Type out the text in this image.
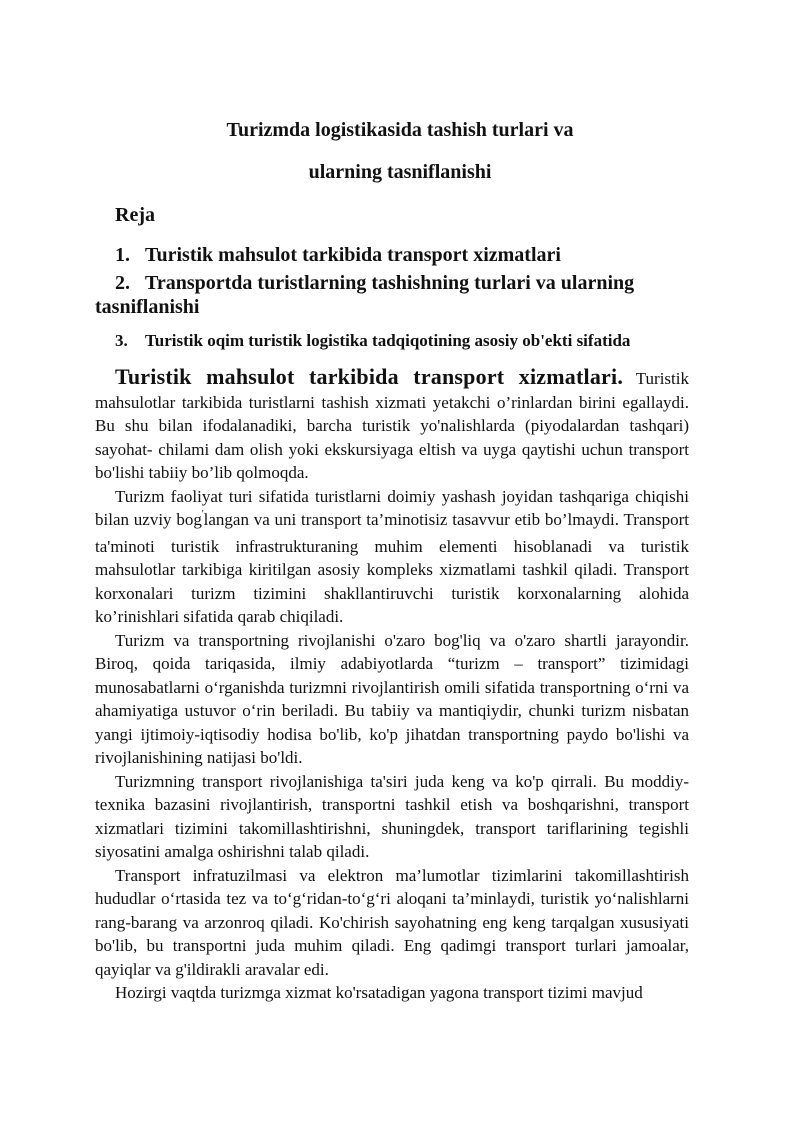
Turizmda logistikasida tashish turlari va
ularning tasniflanishi
Reja
1. Turistik mahsulot tarkibida transport xizmatlari
2. Transportda turistlarning tashishning turlari va ularning tasniflanishi
3. Turistik oqim turistik logistika tadqiqotining asosiy ob'ekti sifatida

Turistik mahsulot tarkibida transport xizmatlari. Turistik mahsulotlar tarkibida turistlarni tashish xizmati yetakchi o’rinlardan birini egallaydi. Bu shu bilan ifodalanadiki, barcha turistik yo'nalishlarda (piyodalardan tashqari) sayohat- chilami dam olish yoki ekskursiyaga eltish va uyga qaytishi uchun transport bo'lishi tabiiy bo’lib qolmoqda.

Turizm faoliyat turi sifatida turistlarni doimiy yashash joyidan tashqariga chiqishi bilan uzviy bog'langan va uni transport ta’minotisiz tasavvur etib bo’lmaydi. Transport ta'minoti turistik infrastrukturaning muhim elementi hisoblanadi va turistik mahsulotlar tarkibiga kiritilgan asosiy kompleks xizmatlami tashkil qiladi. Transport korxonalari turizm tizimini shakllantiruvchi turistik korxonalarning alohida ko’rinishlari sifatida qarab chiqiladi.

Turizm va transportning rivojlanishi o'zaro bog'liq va o'zaro shartli jarayondir. Biroq, qoida tariqasida, ilmiy adabiyotlarda “turizm – transport” tizimidagi munosabatlarni o‘rganishda turizmni rivojlantirish omili sifatida transportning o‘rni va ahamiyatiga ustuvor o‘rin beriladi. Bu tabiiy va mantiqiydir, chunki turizm nisbatan yangi ijtimoiy-iqtisodiy hodisa bo'lib, ko'p jihatdan transportning paydo bo'lishi va rivojlanishining natijasi bo'ldi.

Turizmning transport rivojlanishiga ta'siri juda keng va ko'p qirrali. Bu moddiy-texnika bazasini rivojlantirish, transportni tashkil etish va boshqarishni, transport xizmatlari tizimini takomillashtirishni, shuningdek, transport tariflarining tegishli siyosatini amalga oshirishni talab qiladi.

Transport infratuzilmasi va elektron ma’lumotlar tizimlarini takomillashtirish hududlar o‘rtasida tez va to‘g‘ridan-to‘g‘ri aloqani ta’minlaydi, turistik yo‘nalishlarni rang-barang va arzonroq qiladi. Ko'chirish sayohatning eng keng tarqalgan xususiyati bo'lib, bu transportni juda muhim qiladi. Eng qadimgi transport turlari jamoalar, qayiqlar va g'ildirakli aravalar edi.

Hozirgi vaqtda turizmga xizmat ko'rsatadigan yagona transport tizimi mavjud
